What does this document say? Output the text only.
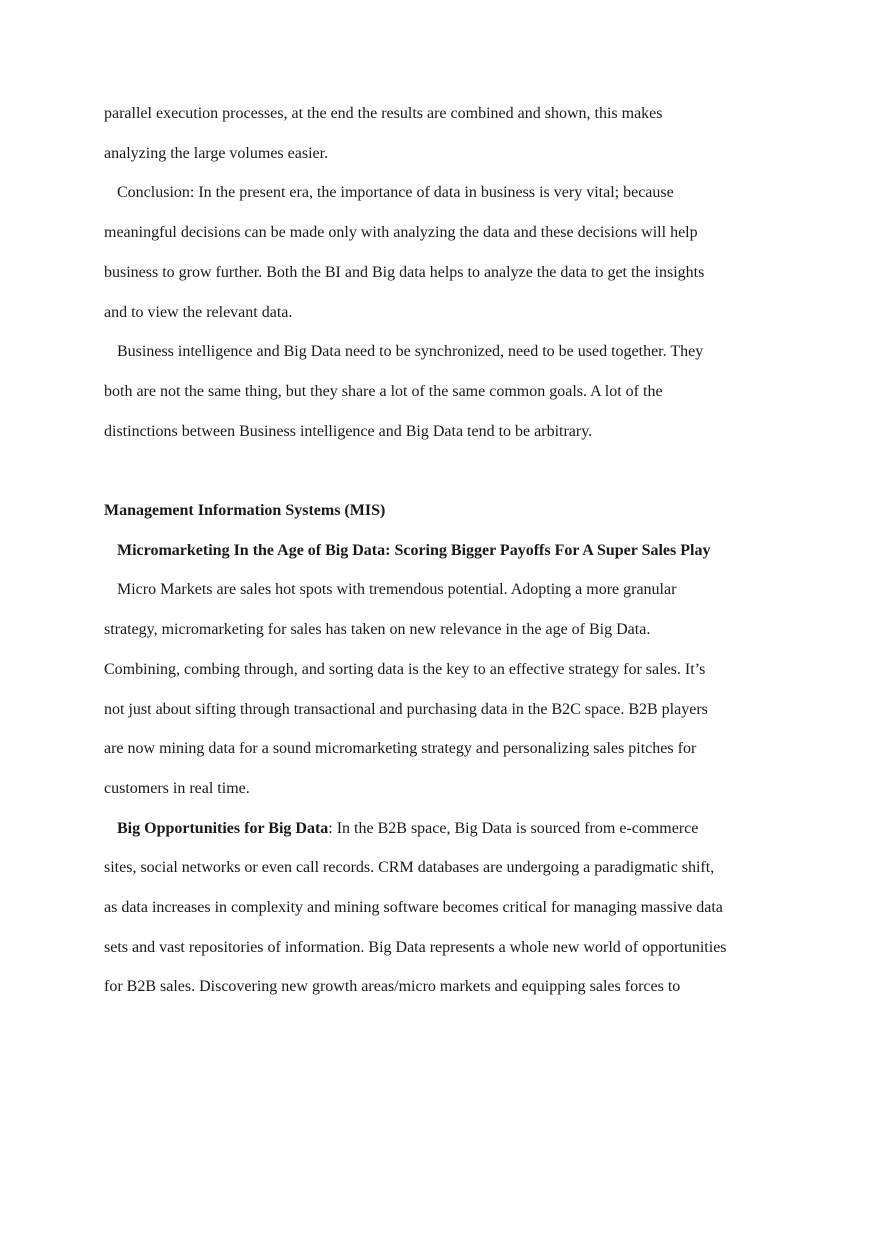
parallel execution processes, at the end the results are combined and shown, this makes

analyzing the large volumes easier.

Conclusion: In the present era, the importance of data in business is very vital; because

meaningful decisions can be made only with analyzing the data and these decisions will help

business to grow further. Both the BI and Big data helps to analyze the data to get the insights

and to view the relevant data.

Business intelligence and Big Data need to be synchronized, need to be used together. They

both are not the same thing, but they share a lot of the same common goals. A lot of the

distinctions between Business intelligence and Big Data tend to be arbitrary.

Management Information Systems (MIS)

Micromarketing In the Age of Big Data: Scoring Bigger Payoffs For A Super Sales Play

Micro Markets are sales hot spots with tremendous potential. Adopting a more granular

strategy, micromarketing for sales has taken on new relevance in the age of Big Data.

Combining, combing through, and sorting data is the key to an effective strategy for sales. It’s

not just about sifting through transactional and purchasing data in the B2C space. B2B players

are now mining data for a sound micromarketing strategy and personalizing sales pitches for

customers in real time.

Big Opportunities for Big Data: In the B2B space, Big Data is sourced from e-commerce

sites, social networks or even call records. CRM databases are undergoing a paradigmatic shift,

as data increases in complexity and mining software becomes critical for managing massive data

sets and vast repositories of information. Big Data represents a whole new world of opportunities

for B2B sales. Discovering new growth areas/micro markets and equipping sales forces to
